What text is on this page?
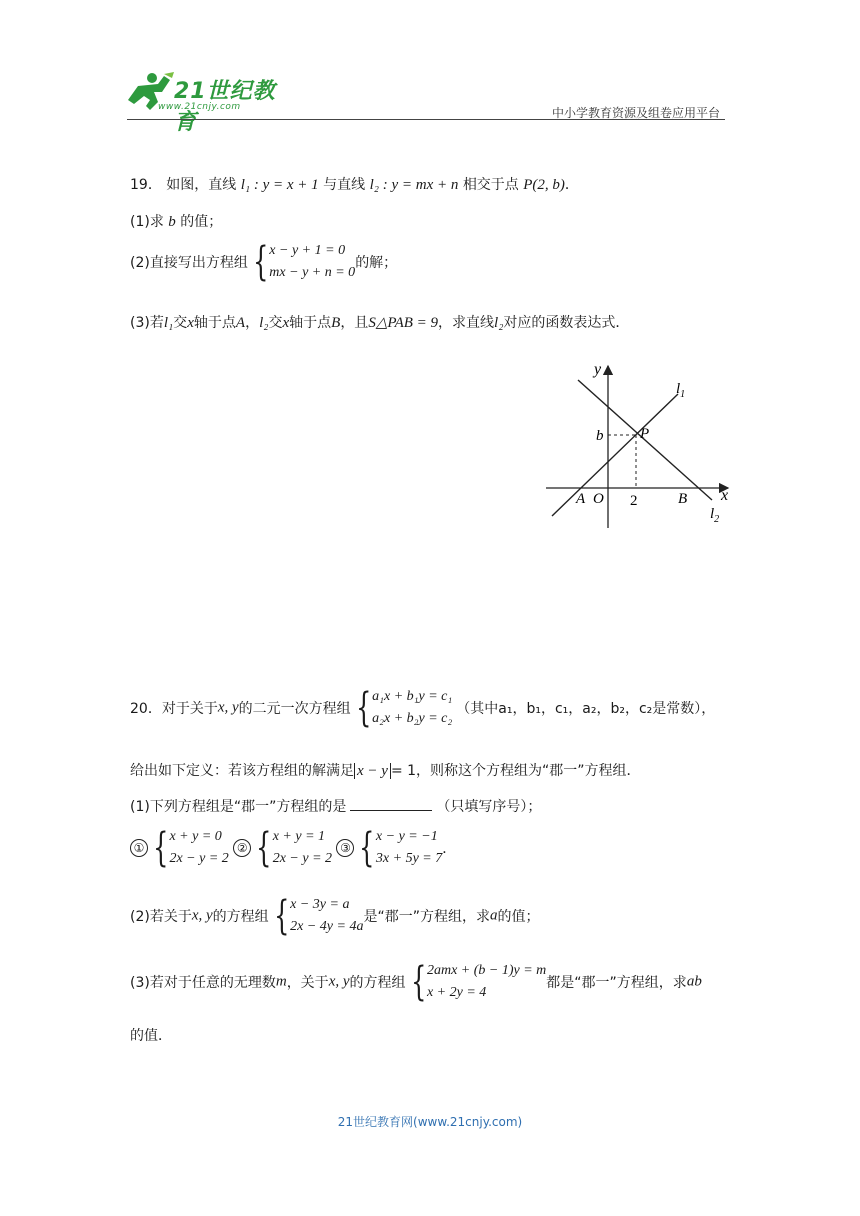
21世纪教育
www.21cnjy.com	中小学教育资源及组卷应用平台
19． 如图，直线 l₁ : y = x + 1 与直线 l₂ : y = mx + n 相交于点 P(2, b)．
(1)求 b 的值；
(2)直接写出方程组 { x − y + 1 = 0
mx − y + n = 0
的解；
(3)若l₁交x轴于点A，l₂交x轴于点B，且S△PAB = 9，求直线l₂对应的函数表达式．
y
x
O
A	B
P
b
2
$l_1$
$l_2$
20．对于关于x, y的二元一次方程组 { a₁x + b₁y = c₁
a₂x + b₂y = c₂
（其中a₁，b₁，c₁，a₂，b₂，c₂是常数），
给出如下定义：若该方程组的解满足 x − y = 1，则称这个方程组为“郡一”方程组．
(1)下列方程组是“郡一”方程组的是	（只填写序号）；
① { x + y = 0
2x − y = 2
② { x + y = 1
2x − y = 2
③ { x − y = −1
3x + 5y = 7
．
(2)若关于x, y的方程组 { x − 3y = a
2x − 4y = 4a
是“郡一”方程组，求a的值；
(3)若对于任意的无理数m，关于x, y的方程组 { 2amx + (b − 1)y = m
x + 2y = 4
都是“郡一”方程组，求ab
的值．
21世纪教育网(www.21cnjy.com)
